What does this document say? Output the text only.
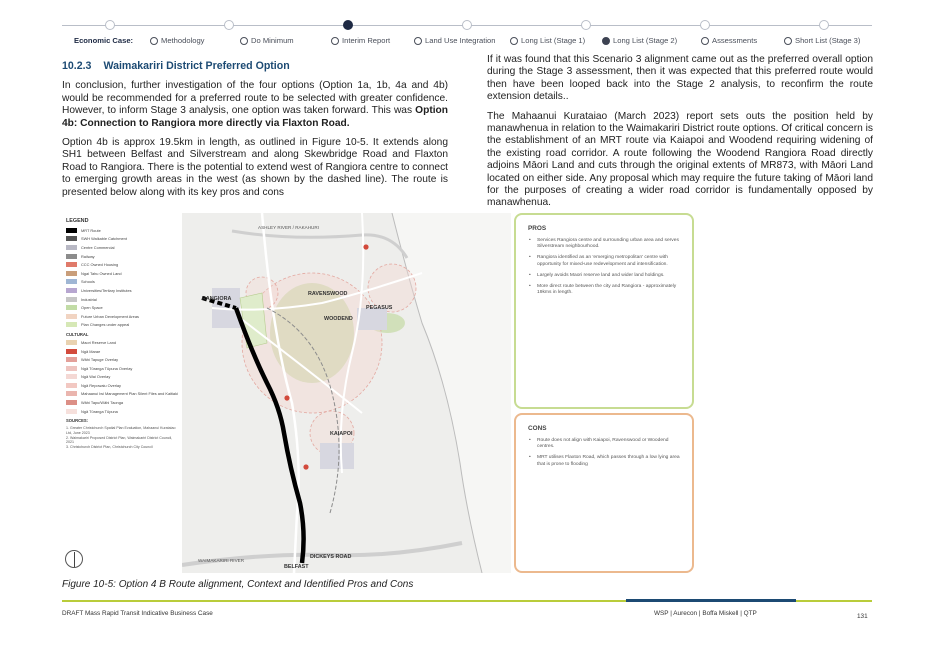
Economic Case:	Methodology	Do Minimum	Interim Report	Land Use Integration	Long List (Stage 1)	Long List (Stage 2)	Assessments	Short List (Stage 3)
10.2.3 Waimakariri District Preferred Option

In conclusion, further investigation of the four options (Option 1a, 1b, 4a and 4b) would be recommended for a preferred route to be selected with greater confidence. However, to inform Stage 3 analysis, one option was taken forward. This was Option 4b: Connection to Rangiora more directly via Flaxton Road.

Option 4b is approx 19.5km in length, as outlined in Figure 10-5. It extends along SH1 between Belfast and Silverstream and along Skewbridge Road and Flaxton Road to Rangiora. There is the potential to extend west of Rangiora centre to connect to emerging growth areas in the west (as shown by the dashed line). The route is presented below along with its key pros and cons

If it was found that this Scenario 3 alignment came out as the preferred overall option during the Stage 3 assessment, then it was expected that this preferred route would then have been looped back into the Stage 2 analysis, to reconfirm the route extension details..

The Mahaanui Kurataiao (March 2023) report sets outs the position held by manawhenua in relation to the Waimakariri District route options. Of critical concern is the establishment of an MRT route via Kaiapoi and Woodend requiring widening of the existing road corridor. A route following the Woodend Rangiora Road directly adjoins Māori Land and cuts through the original extents of MR873, with Māori Land located on either side. Any proposal which may require the future taking of Māori land for the purposes of creating a wider road corridor is fundamentally opposed by manawhenua.

LEGEND
MRT Route
SWH Walkable Catchment
Centre Commercial
Railway
CCC Owned Housing
Ngai Tahu Owned Land
Schools
Universities/Tertiary Institutes
Industrial
Open Space
Future Urban Development Areas
Plan Changes under appeal
CULTURAL
Maori Reserve Land
Ngā Marae
Wāhi Tapuge Overlay
Ngā Tūranga Tūpuna Overlay
Ngā Wai Overlay
Ngā Repowaiu Overlay
Mahaanui Iwi Management Plan Silent Files and Kaitiaki
Wāhi Tapu/Wāhi Taonga
Ngā Tūranga Tūpuna
SOURCES:
1. Greater Christchurch Spatial Plan Evaluation, Mahaanui Kurataiao Ltd, June 2023
2. Waimakariri Proposed District Plan, Waimakariri District Council, 2021
3. Christchurch District Plan, Christchurch City Council
RANGIORA
RAVENSWOOD
WOODEND
PEGASUS
KAIAPOI
DICKEYS ROAD
BELFAST
ASHLEY RIVER / RAKAHURI
WAIMAKARIRI RIVER
PROS
• Services Rangiora centre and surrounding urban area and serves Silverstream neighbourhood.
• Rangiora identified as an 'emerging metropolitan' centre with opportunity for mixed-use redevelopment and intensification.
• Largely avoids Maori reserve land and wider land holdings.
• More direct route between the city and Rangiora - approximately 19kms in length.
CONS
• Route does not align with Kaiapoi, Ravenswood or Woodend centres.
• MRT utilises Flaxton Road, which passes through a low lying area that is prone to flooding
Figure 10-5: Option 4 B Route alignment, Context and Identified Pros and Cons
DRAFT Mass Rapid Transit Indicative Business Case	WSP | Aurecon | Boffa Miskell | QTP	131
